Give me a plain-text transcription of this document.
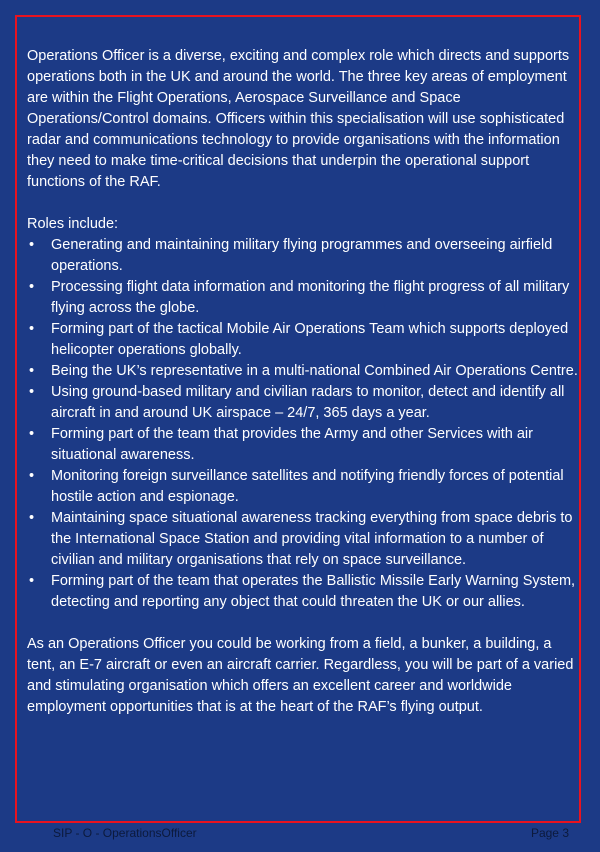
Operations Officer is a diverse, exciting and complex role which directs and supports operations both in the UK and around the world. The three key areas of employment are within the Flight Operations, Aerospace Surveillance and Space Operations/Control domains. Officers within this specialisation will use sophisticated radar and communications technology to provide organisations with the information they need to make time-critical decisions that underpin the operational support functions of the RAF.

Roles include:

• Generating and maintaining military flying programmes and overseeing airfield operations.
• Processing flight data information and monitoring the flight progress of all military flying across the globe.
• Forming part of the tactical Mobile Air Operations Team which supports deployed helicopter operations globally.
• Being the UK’s representative in a multi-national Combined Air Operations Centre.
• Using ground-based military and civilian radars to monitor, detect and identify all aircraft in and around UK airspace – 24/7, 365 days a year.
• Forming part of the team that provides the Army and other Services with air situational awareness.
• Monitoring foreign surveillance satellites and notifying friendly forces of potential hostile action and espionage.
• Maintaining space situational awareness tracking everything from space debris to the International Space Station and providing vital information to a number of civilian and military organisations that rely on space surveillance.
• Forming part of the team that operates the Ballistic Missile Early Warning System, detecting and reporting any object that could threaten the UK or our allies.

As an Operations Officer you could be working from a field, a bunker, a building, a tent, an E-7 aircraft or even an aircraft carrier. Regardless, you will be part of a varied and stimulating organisation which offers an excellent career and worldwide employment opportunities that is at the heart of the RAF’s flying output.

SIP - O - OperationsOfficer	Page 3
